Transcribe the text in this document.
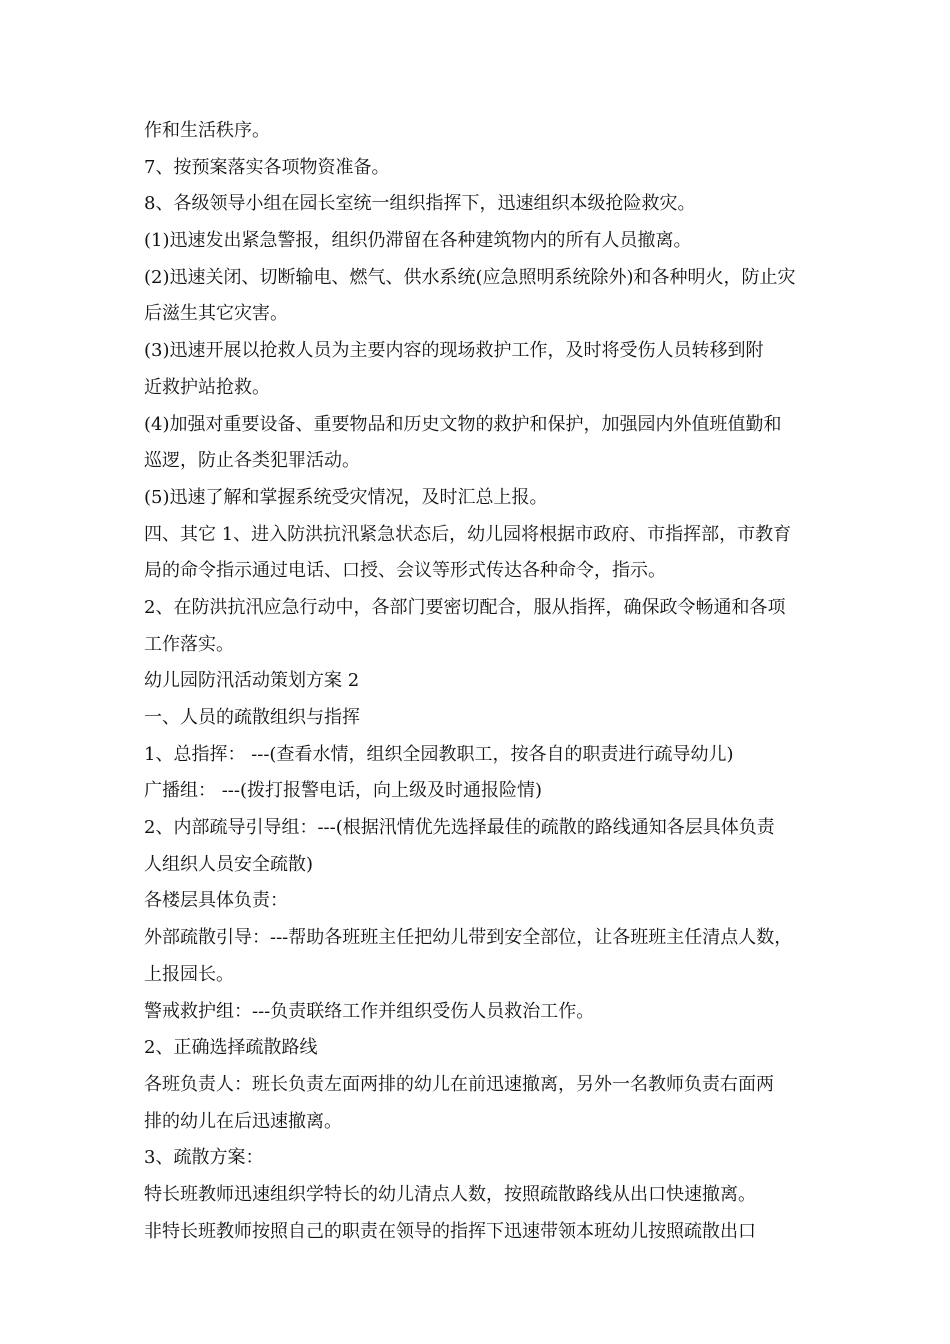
作和生活秩序。
7、按预案落实各项物资准备。
8、各级领导小组在园长室统一组织指挥下，迅速组织本级抢险救灾。
(1)迅速发出紧急警报，组织仍滞留在各种建筑物内的所有人员撤离。
(2)迅速关闭、切断输电、燃气、供水系统(应急照明系统除外)和各种明火，防止灾
后滋生其它灾害。
(3)迅速开展以抢救人员为主要内容的现场救护工作，及时将受伤人员转移到附
近救护站抢救。
(4)加强对重要设备、重要物品和历史文物的救护和保护，加强园内外值班值勤和
巡逻，防止各类犯罪活动。
(5)迅速了解和掌握系统受灾情况，及时汇总上报。
四、其它 1、进入防洪抗汛紧急状态后，幼儿园将根据市政府、市指挥部，市教育
局的命令指示通过电话、口授、会议等形式传达各种命令，指示。
2、在防洪抗汛应急行动中，各部门要密切配合，服从指挥，确保政令畅通和各项
工作落实。
幼儿园防汛活动策划方案 2
一、人员的疏散组织与指挥
1、总指挥： ---(查看水情，组织全园教职工，按各自的职责进行疏导幼儿)
广播组： ---(拨打报警电话，向上级及时通报险情)
2、内部疏导引导组：---(根据汛情优先选择最佳的疏散的路线通知各层具体负责
人组织人员安全疏散)
各楼层具体负责：
外部疏散引导：---帮助各班班主任把幼儿带到安全部位，让各班班主任清点人数，
上报园长。
警戒救护组：---负责联络工作并组织受伤人员救治工作。
2、正确选择疏散路线
各班负责人：班长负责左面两排的幼儿在前迅速撤离，另外一名教师负责右面两
排的幼儿在后迅速撤离。
3、疏散方案：
特长班教师迅速组织学特长的幼儿清点人数，按照疏散路线从出口快速撤离。
非特长班教师按照自己的职责在领导的指挥下迅速带领本班幼儿按照疏散出口
